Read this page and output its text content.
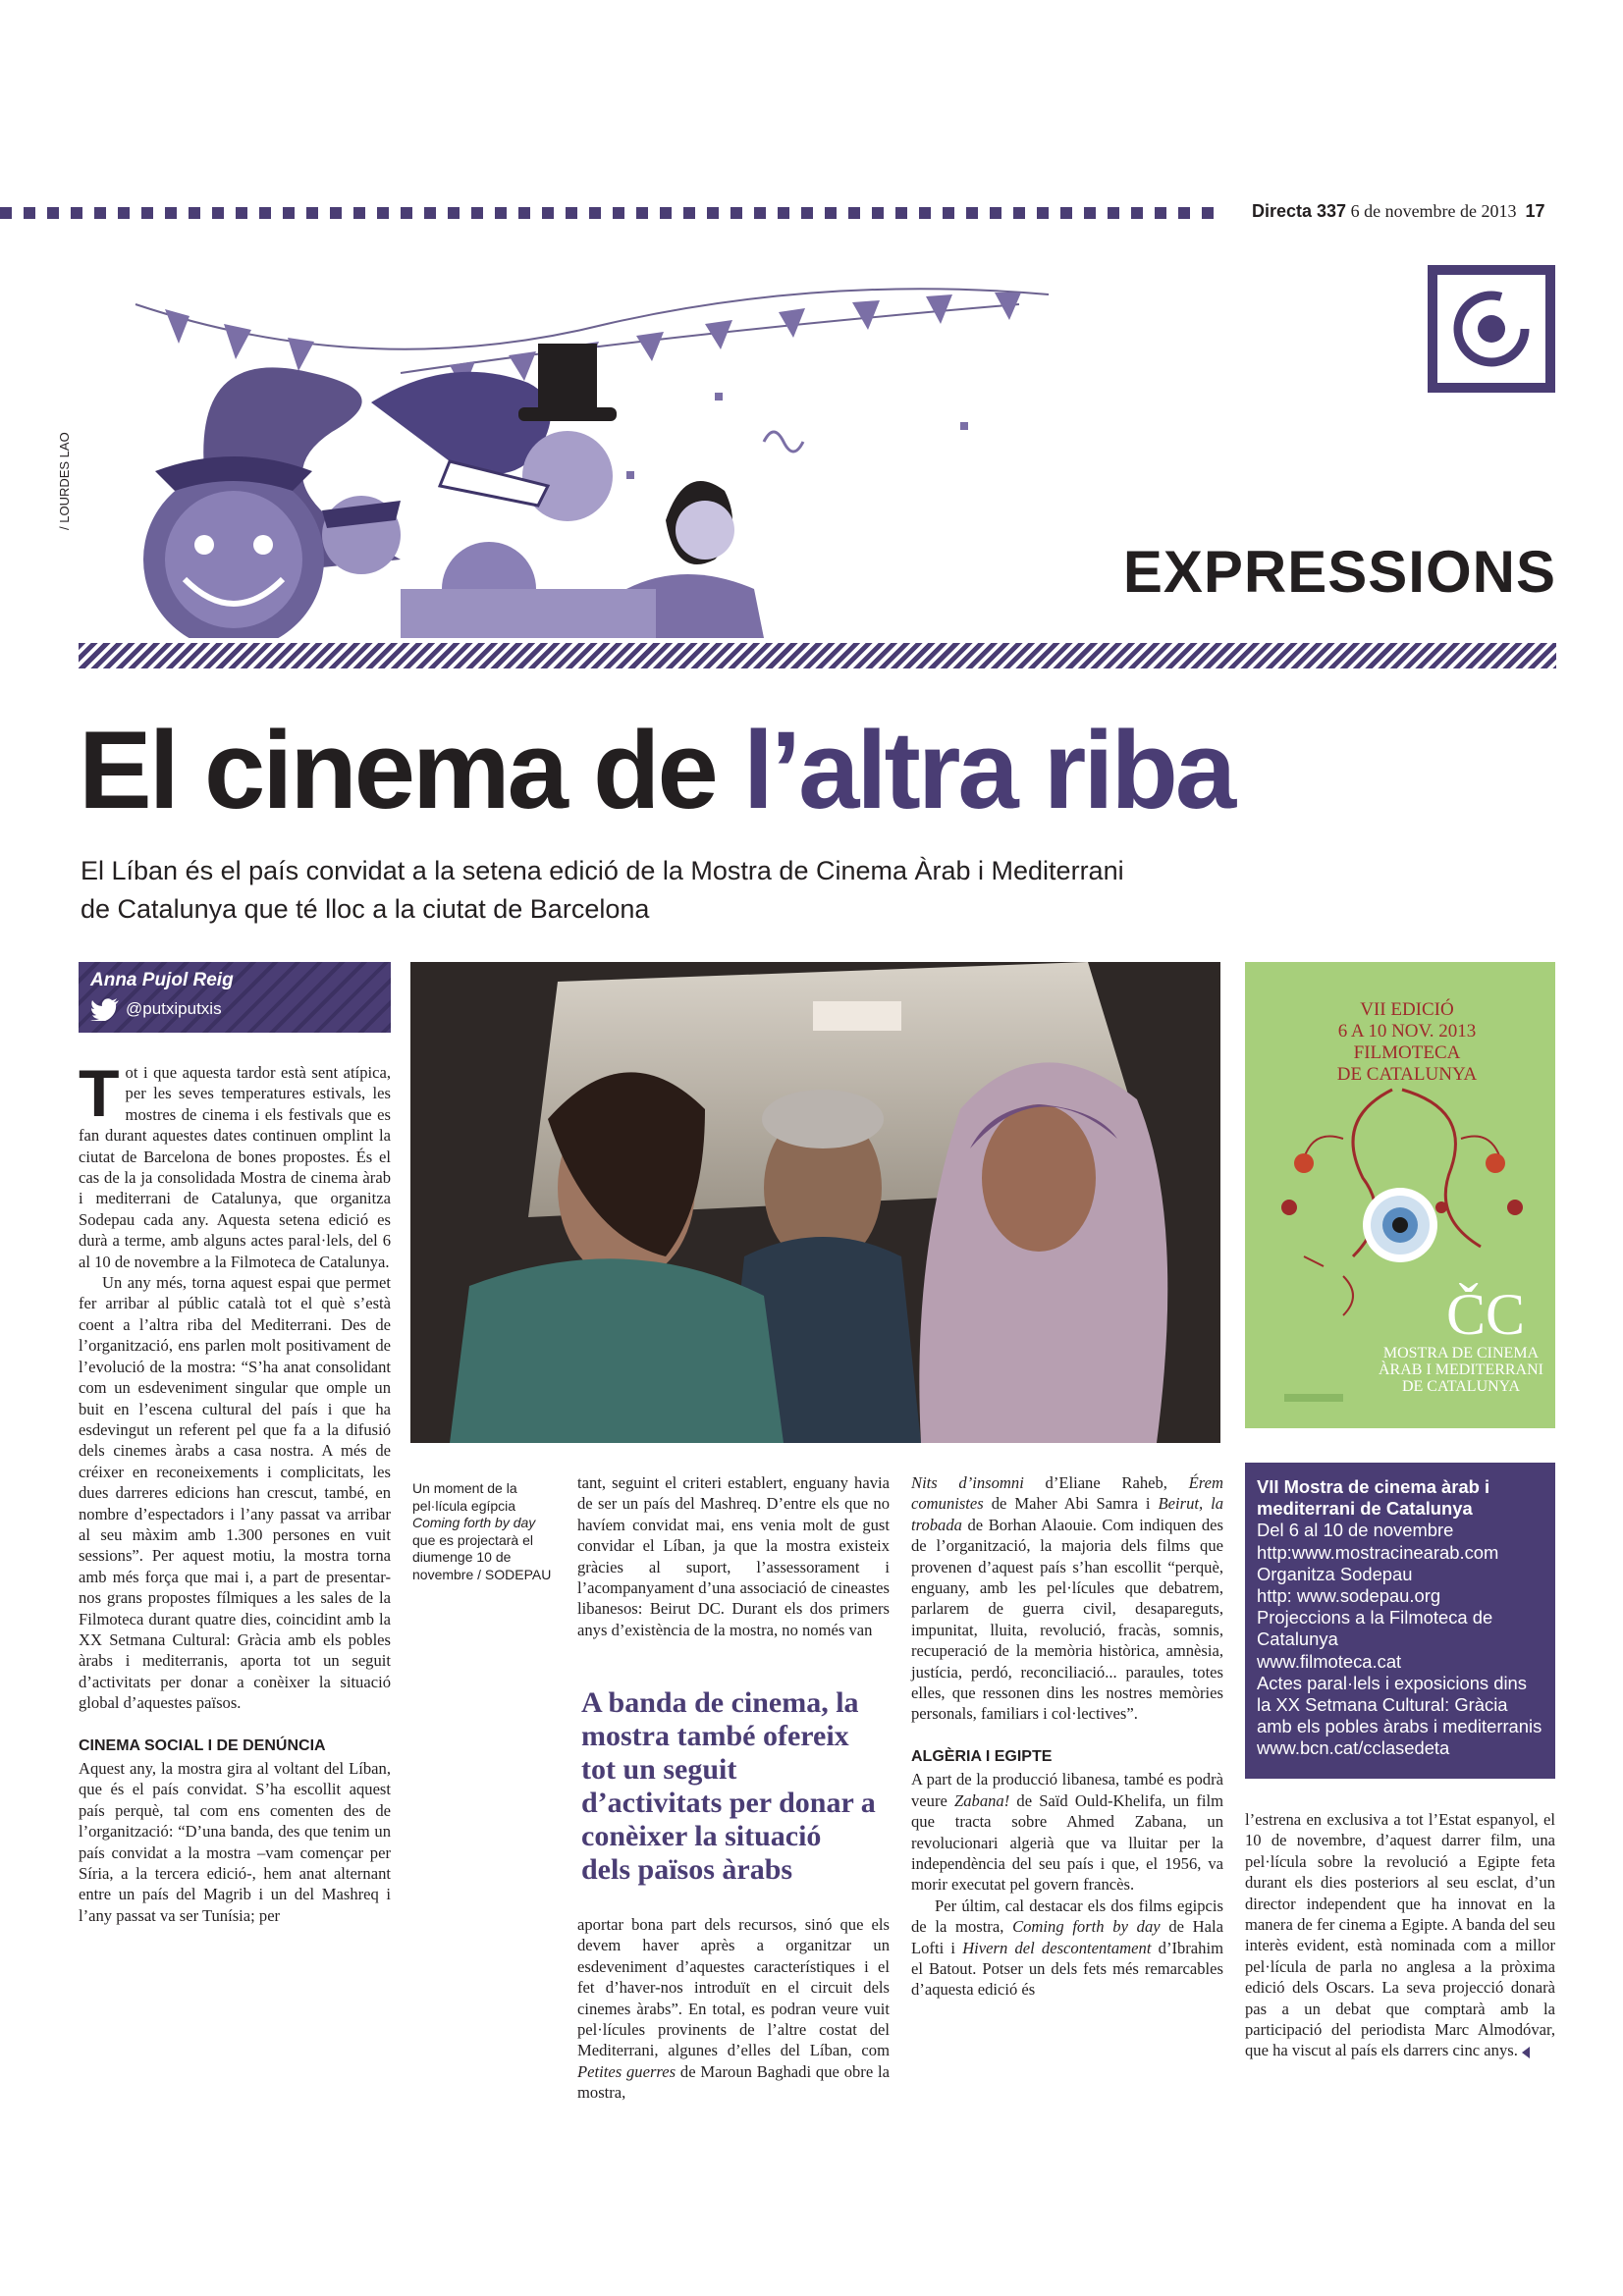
Directa 337 6 de novembre de 2013 17
/ LOURDES LAO
EXPRESSIONS
El cinema de l’altra riba
El Líban és el país convidat a la setena edició de la Mostra de Cinema Àrab i Mediterrani
de Catalunya que té lloc a la ciutat de Barcelona
Anna Pujol Reig
@putxiputxis
T ot i que aquesta tardor està sent atípica, per les seves temperatures estivals, les mostres de cinema i els festivals que es fan durant aquestes dates continuen omplint la ciutat de Barcelona de bones propostes. És el cas de la ja consolidada Mostra de cinema àrab i mediterrani de Catalunya, que organitza Sodepau cada any. Aquesta setena edició es durà a terme, amb alguns actes paral·lels, del 6 al 10 de novembre a la Filmoteca de Catalunya.

Un any més, torna aquest espai que permet fer arribar al públic català tot el què s’està coent a l’altra riba del Mediterrani. Des de l’organització, ens parlen molt positivament de l’evolució de la mostra: “S’ha anat consolidant com un esdeveniment singular que omple un buit en l’escena cultural del país i que ha esdevingut un referent pel que fa a la difusió dels cinemes àrabs a casa nostra. A més de créixer en reconeixements i complicitats, les dues darreres edicions han crescut, també, en nombre d’espectadors i l’any passat va arribar al seu màxim amb 1.300 persones en vuit sessions”. Per aquest motiu, la mostra torna amb més força que mai i, a part de presentar-nos grans propostes fílmiques a les sales de la Filmoteca durant quatre dies, coincidint amb la XX Setmana Cultural: Gràcia amb els pobles àrabs i mediterranis, aporta tot un seguit d’activitats per donar a conèixer la situació global d’aquestes països.

CINEMA SOCIAL I DE DENÚNCIA

Aquest any, la mostra gira al voltant del Líban, que és el país convidat. S’ha escollit aquest país perquè, tal com ens comenten des de l’organització: “D’una banda, des que tenim un país convidat a la mostra –vam començar per Síria, a la tercera edició-, hem anat alternant entre un país del Magrib i un del Mashreq i l’any passat va ser Tunísia; per

Un moment de la pel·lícula egípcia Coming forth by day que es projectarà el diumenge 10 de novembre / SODEPAU

tant, seguint el criteri establert, enguany havia de ser un país del Mashreq. D’entre els que no havíem convidat mai, ens venia molt de gust convidar el Líban, ja que la mostra existeix gràcies al suport, l’assessorament i l’acompanyament d’una associació de cineastes libanesos: Beirut DC. Durant els dos primers anys d’existència de la mostra, no només van

A banda de cinema, la mostra també ofereix tot un seguit d’activitats per donar a conèixer la situació dels països àrabs

aportar bona part dels recursos, sinó que els devem haver après a organitzar un esdeveniment d’aquestes característiques i el fet d’haver-nos introduït en el circuit dels cinemes àrabs”. En total, es podran veure vuit pel·lícules provinents de l’altre costat del Mediterrani, algunes d’elles del Líban, com Petites guerres de Maroun Baghadi que obre la mostra,

Nits d’insomni d’Eliane Raheb, Érem comunistes de Maher Abi Samra i Beirut, la trobada de Borhan Alaouie. Com indiquen des de l’organització, la majoria dels films que provenen d’aquest país s’han escollit “perquè, enguany, amb les pel·lícules que debatrem, parlarem de guerra civil, desapareguts, impunitat, lluita, revolució, fracàs, somnis, recuperació de la memòria històrica, amnèsia, justícia, perdó, reconciliació... paraules, totes elles, que ressonen dins les nostres memòries personals, familiars i col·lectives”.

ALGÈRIA I EGIPTE

A part de la producció libanesa, també es podrà veure Zabana! de Saïd Ould-Khelifa, un film que tracta sobre Ahmed Zabana, un revolucionari algerià que va lluitar per la independència del seu país i que, el 1956, va morir executat pel govern francès.

Per últim, cal destacar els dos films egipcis de la mostra, Coming forth by day de Hala Lofti i Hivern del descontentament d’Ibrahim el Batout. Potser un dels fets més remarcables d’aquesta edició és

VII EDICIÓ
6 A 10 NOV. 2013
FILMOTECA
DE CATALUNYA
ČC
MOSTRA DE CINEMA ÀRAB I MEDITERRANI DE CATALUNYA
VII Mostra de cinema àrab i mediterrani de Catalunya
Del 6 al 10 de novembre
http:www.mostracinearab.com
Organitza Sodepau
http: www.sodepau.org
Projeccions a la Filmoteca de Catalunya
www.filmoteca.cat
Actes paral·lels i exposicions dins la XX Setmana Cultural: Gràcia amb els pobles àrabs i mediterranis
www.bcn.cat/cclasedeta

l’estrena en exclusiva a tot l’Estat espanyol, el 10 de novembre, d’aquest darrer film, una pel·lícula sobre la revolució a Egipte feta durant els dies posteriors al seu esclat, d’un director independent que ha innovat en la manera de fer cinema a Egipte. A banda del seu interès evident, està nominada com a millor pel·lícula de parla no anglesa a la pròxima edició dels Oscars. La seva projecció donarà pas a un debat que comptarà amb la participació del periodista Marc Almodóvar, que ha viscut al país els darrers cinc anys.
